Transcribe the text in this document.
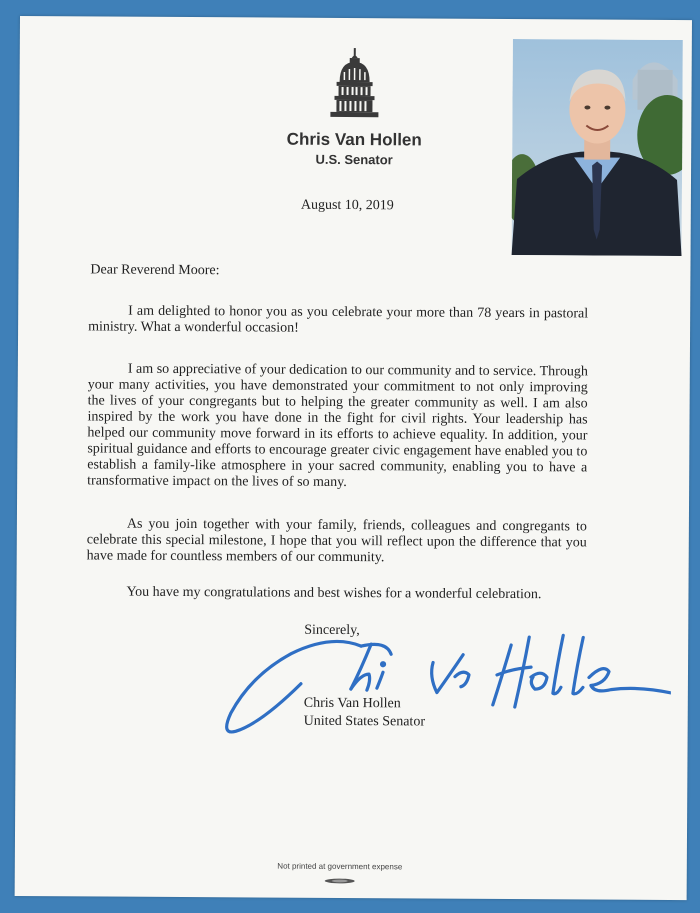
Chris Van Hollen
U.S. Senator
August 10, 2019
Dear Reverend Moore:

I am delighted to honor you as you celebrate your more than 78 years in pastoral ministry. What a wonderful occasion!

I am so appreciative of your dedication to our community and to service. Through your many activities, you have demonstrated your commitment to not only improving the lives of your congregants but to helping the greater community as well. I am also inspired by the work you have done in the fight for civil rights. Your leadership has helped our community move forward in its efforts to achieve equality. In addition, your spiritual guidance and efforts to encourage greater civic engagement have enabled you to establish a family-like atmosphere in your sacred community, enabling you to have a transformative impact on the lives of so many.

As you join together with your family, friends, colleagues and congregants to celebrate this special milestone, I hope that you will reflect upon the difference that you have made for countless members of our community.

You have my congratulations and best wishes for a wonderful celebration.

Sincerely,
Chris Van Hollen
United States Senator
Not printed at government expense
